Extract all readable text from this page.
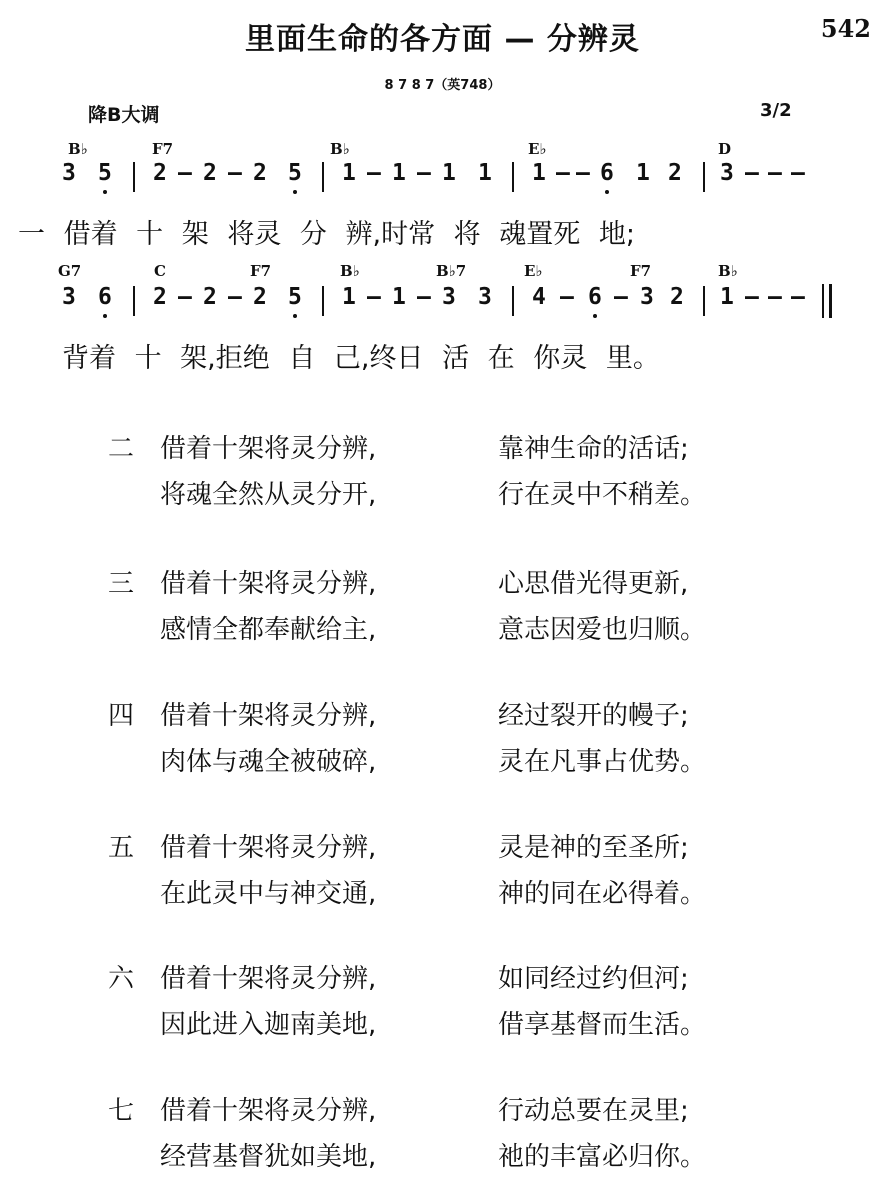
里面生命的各方面 — 分辨灵	542
8 7 8 7（英748）
降B大调	3/2
B♭	F7	B♭	E♭	D
3 5 2 — 2 — 2 5 1 — 1 — 1 1 1 — — 6 1 2 3 — — —
一 借着 十 架 将灵 分 辨,时常 将 魂置死 地;
G7	C	F7	B♭	B♭7	E♭	F7	B♭
3 6 2 — 2 — 2 5 1 — 1 — 3 3 4 — 6 — 3 2 1 — — —
背着 十 架,拒绝 自 己,终日 活 在 你灵 里。
二 借着十架将灵分辨,	靠神生命的活话;
将魂全然从灵分开,	行在灵中不稍差。
三 借着十架将灵分辨,	心思借光得更新,
感情全都奉献给主,	意志因爱也归顺。
四 借着十架将灵分辨,	经过裂开的幔子;
肉体与魂全被破碎,	灵在凡事占优势。
五 借着十架将灵分辨,	灵是神的至圣所;
在此灵中与神交通,	神的同在必得着。
六 借着十架将灵分辨,	如同经过约但河;
因此进入迦南美地,	借享基督而生活。
七 借着十架将灵分辨,	行动总要在灵里;
经营基督犹如美地,	祂的丰富必归你。
